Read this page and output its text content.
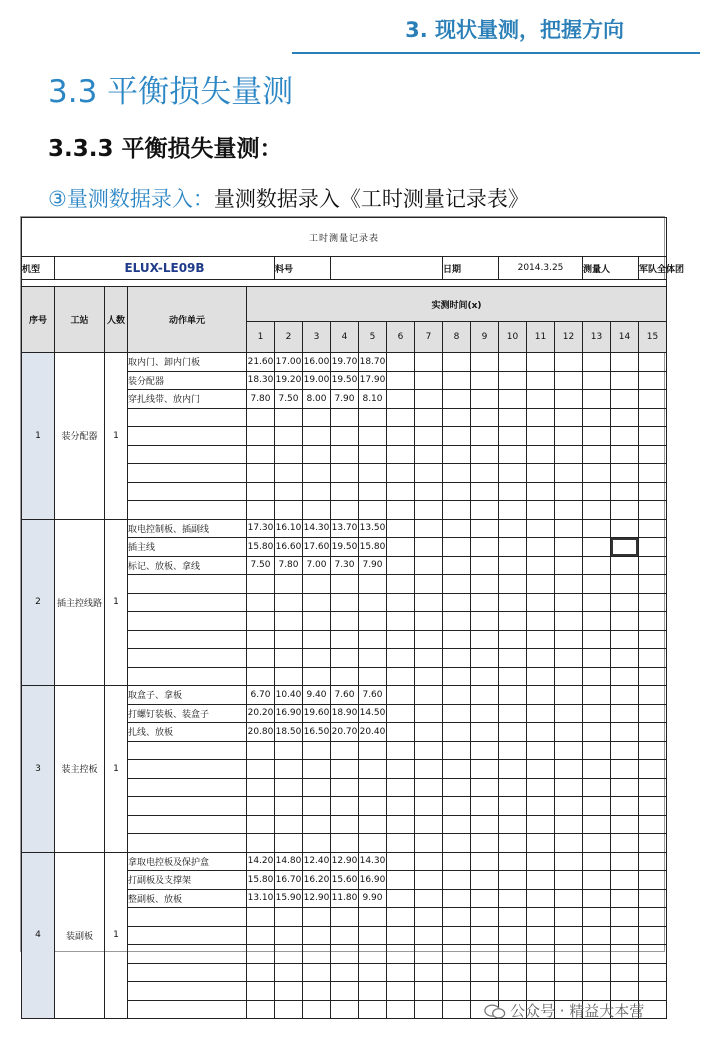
3. 现状量测，把握方向
3.3 平衡损失量测
3.3.3 平衡损失量测：
③量测数据录入：量测数据录入《工时测量记录表》
工时测量记录表																		
机型	ELUX-LE09B				料号						日期		2014.3.25			测量人		军队全体团

序号	工站	人数	动作单元	实测时间(x)														
				1	2	3	4	5	6	7	8	9	10	11	12	13	14	15
1	装分配器	1	取内门、卸内门板	21.60	17.00	16.00	19.70	18.70										
			装分配器	18.30	19.20	19.00	19.50	17.90										
			穿扎线带、放内门	7.80	7.50	8.00	7.90	8.10										

2	插主控线路	1	取电控制板、插副线	17.30	16.10	14.30	13.70	13.50										
			插主线	15.80	16.60	17.60	19.50	15.80										
			标记、放板、拿线	7.50	7.80	7.00	7.30	7.90										

3	装主控板	1	取盒子、拿板	6.70	10.40	9.40	7.60	7.60										
			打螺钉装板、装盒子	20.20	16.90	19.60	18.90	14.50										
			扎线、放板	20.80	18.50	16.50	20.70	20.40										

4	装副板	1	拿取电控板及保护盒	14.20	14.80	12.40	12.90	14.30										
			打副板及支撑架	15.80	16.70	16.20	15.60	16.90										
			整副板、放板	13.10	15.90	12.90	11.80	9.90										

公众号 · 精益大本营
